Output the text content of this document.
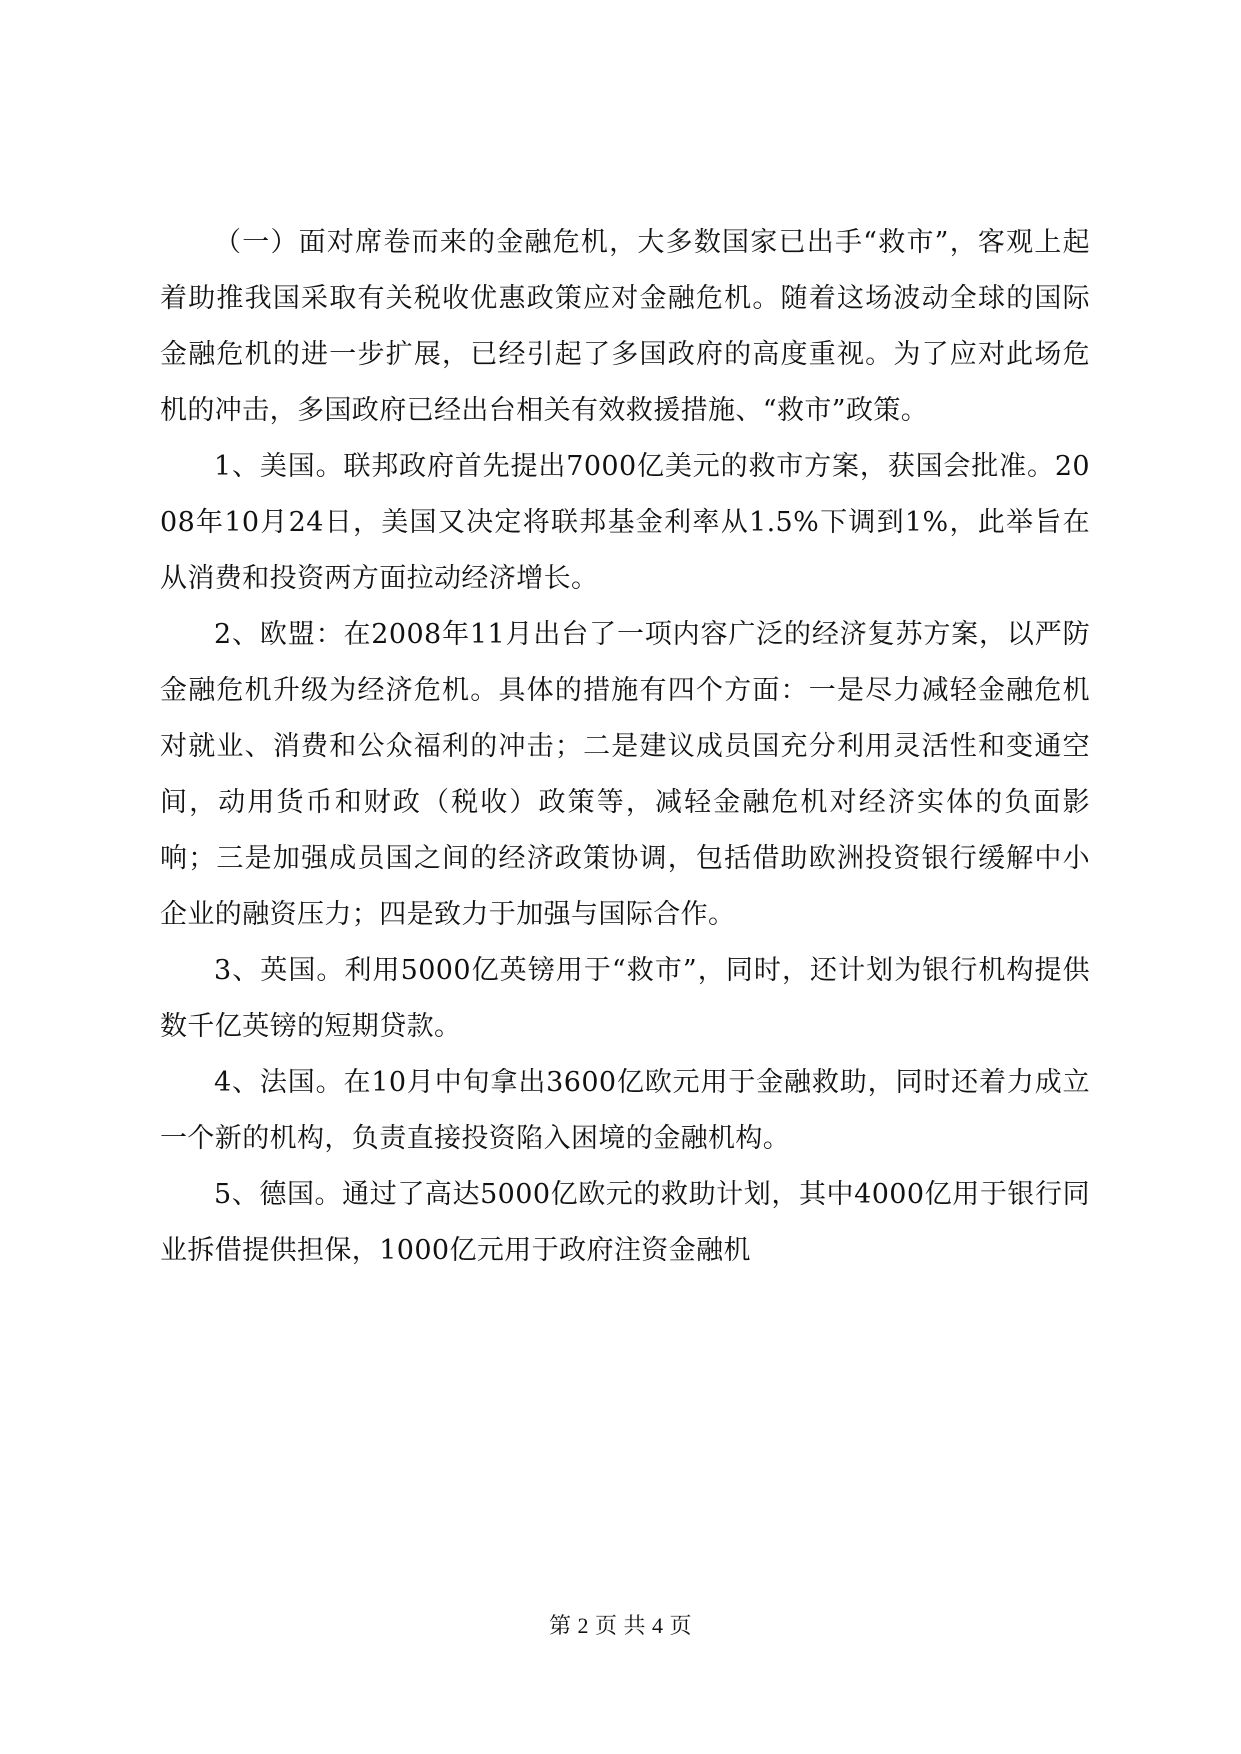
（一）面对席卷而来的金融危机，大多数国家已出手“救市”，客观上起着助推我国采取有关税收优惠政策应对金融危机。随着这场波动全球的国际金融危机的进一步扩展，已经引起了多国政府的高度重视。为了应对此场危机的冲击，多国政府已经出台相关有效救援措施、“救市”政策。

1、美国。联邦政府首先提出7000亿美元的救市方案，获国会批准。2008年10月24日，美国又决定将联邦基金利率从1.5%下调到1%，此举旨在从消费和投资两方面拉动经济增长。

2、欧盟：在2008年11月出台了一项内容广泛的经济复苏方案，以严防金融危机升级为经济危机。具体的措施有四个方面：一是尽力减轻金融危机对就业、消费和公众福利的冲击；二是建议成员国充分利用灵活性和变通空间，动用货币和财政（税收）政策等，减轻金融危机对经济实体的负面影响；三是加强成员国之间的经济政策协调，包括借助欧洲投资银行缓解中小企业的融资压力；四是致力于加强与国际合作。

3、英国。利用5000亿英镑用于“救市”，同时，还计划为银行机构提供数千亿英镑的短期贷款。

4、法国。在10月中旬拿出3600亿欧元用于金融救助，同时还着力成立一个新的机构，负责直接投资陷入困境的金融机构。

5、德国。通过了高达5000亿欧元的救助计划，其中4000亿用于银行同业拆借提供担保，1000亿元用于政府注资金融机

第 2 页 共 4 页
